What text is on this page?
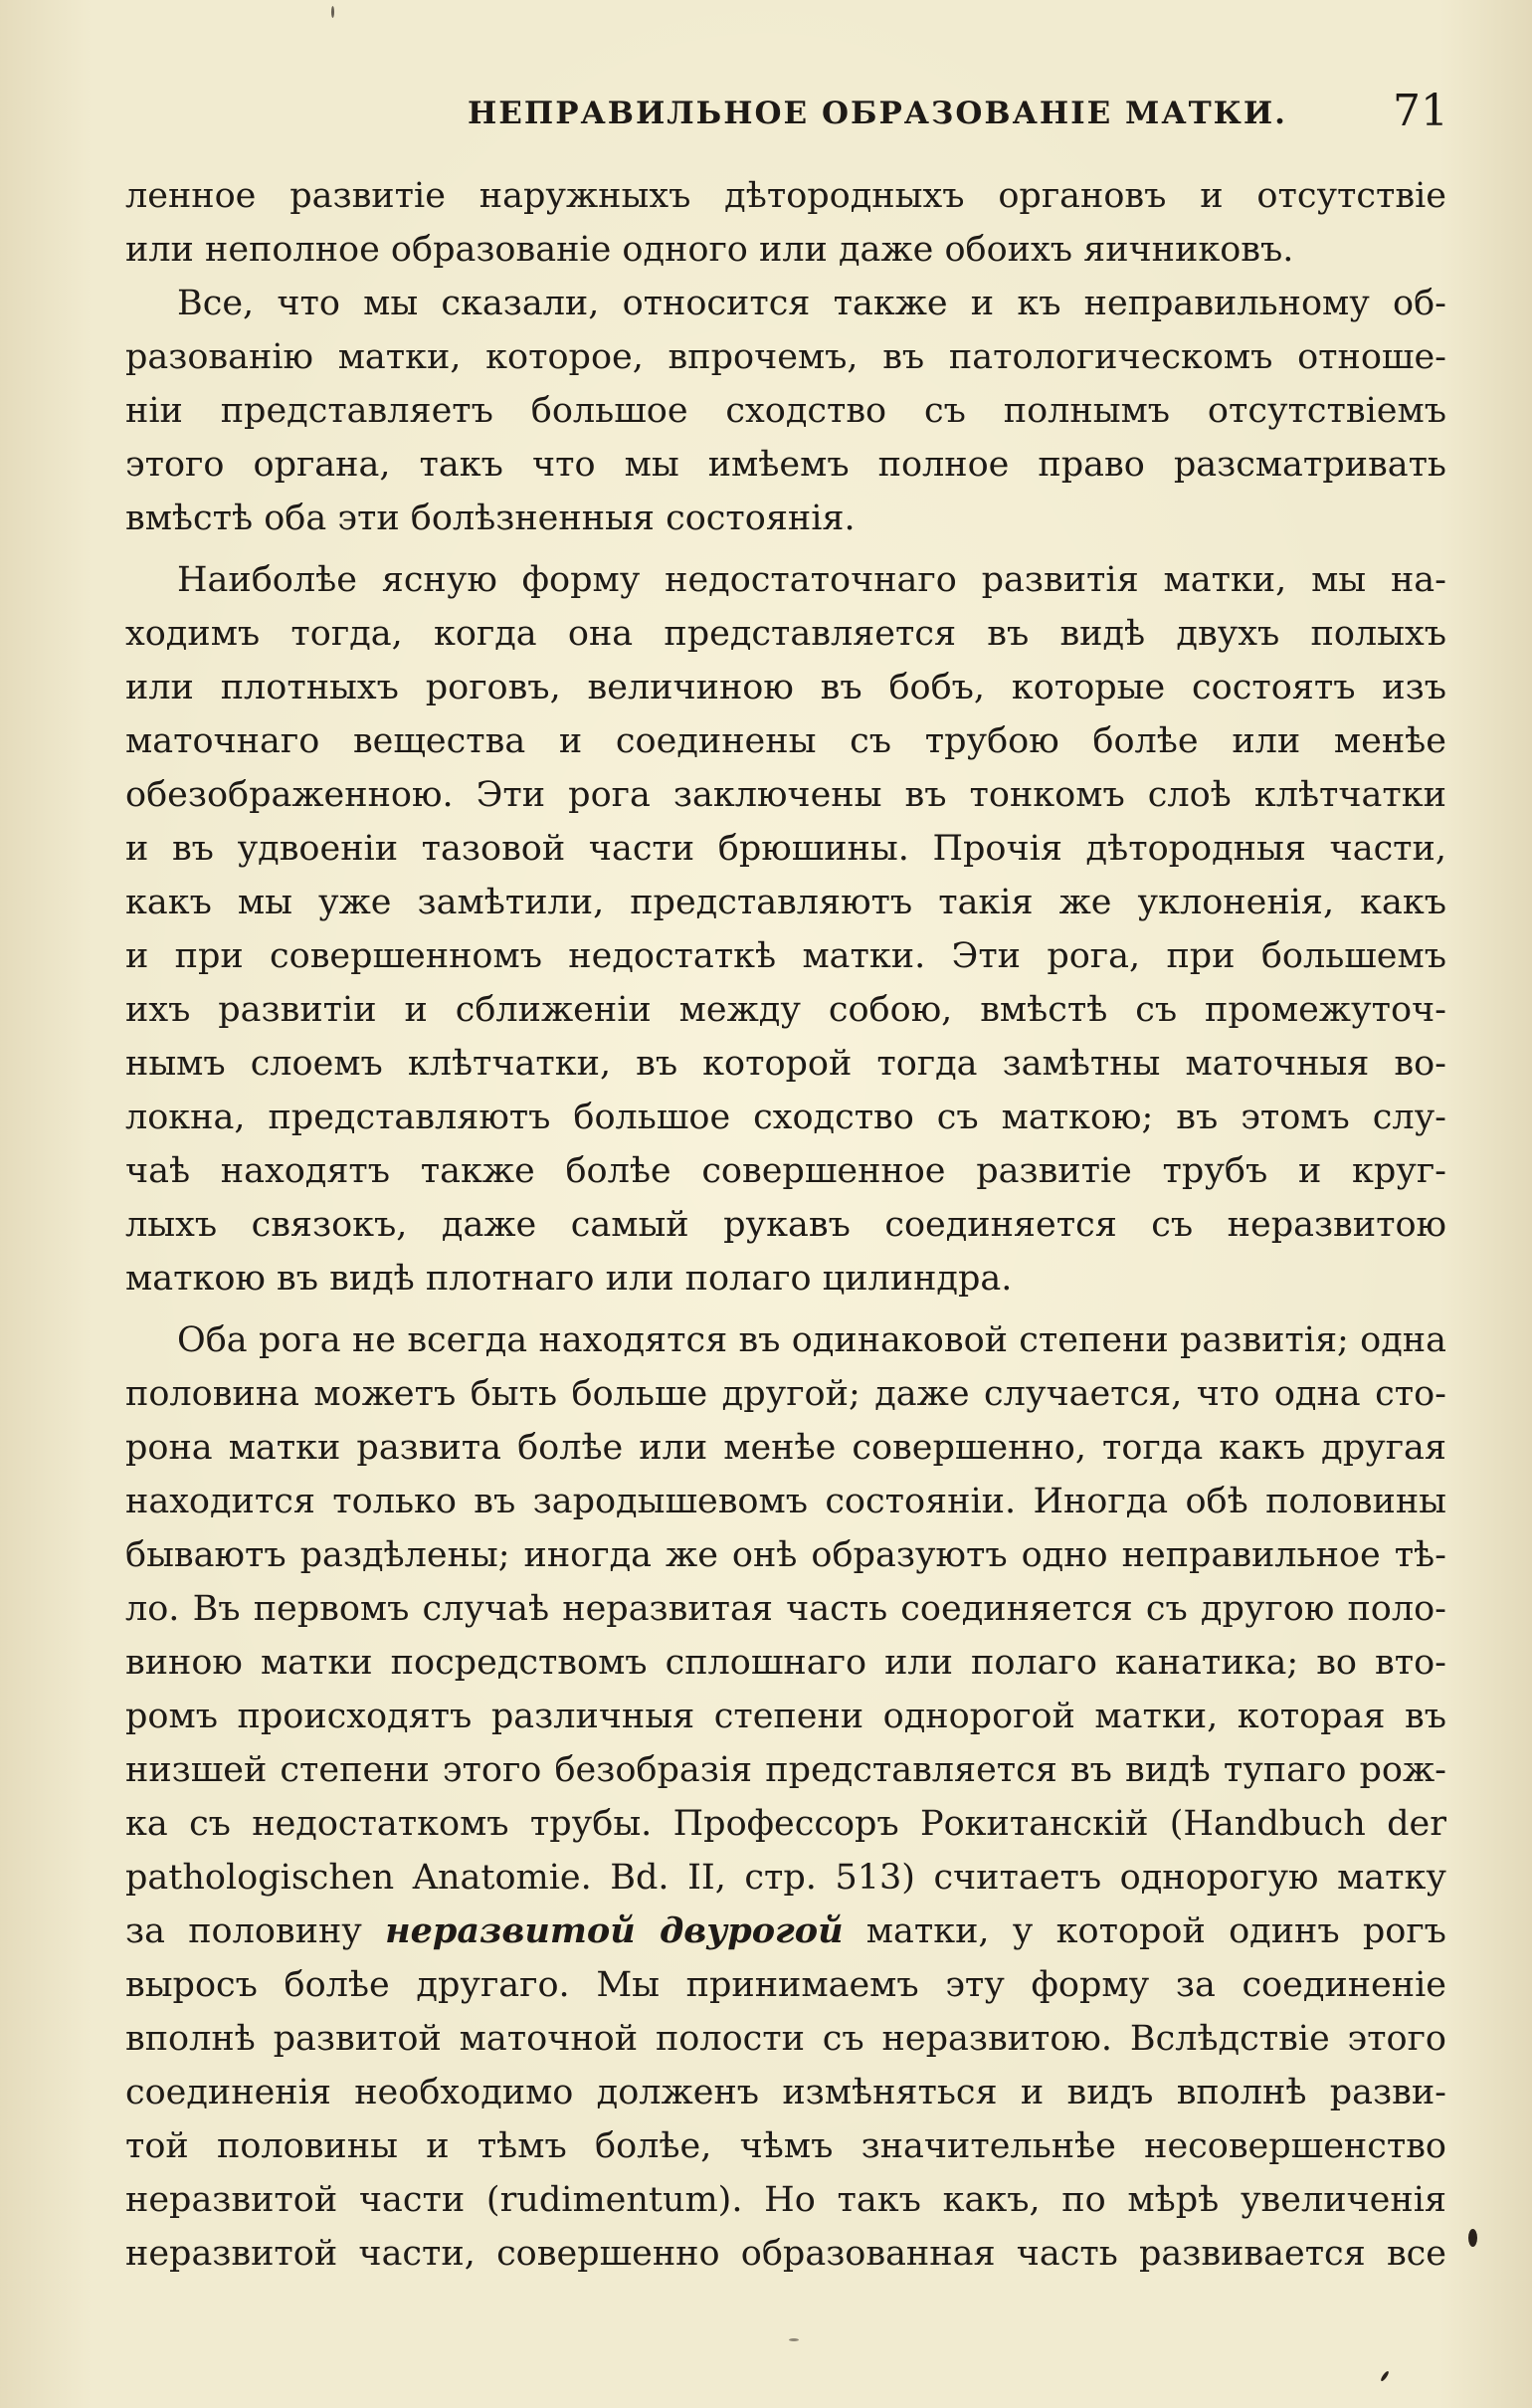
НЕПРАВИЛЬНОЕ ОБРАЗОВАНІЕ МАТКИ. 71
ленное развитіе наружныхъ дѣтородныхъ органовъ и отсутствіе
или неполное образованіе одного или даже обоихъ яичниковъ.
Все, что мы сказали, относится также и къ неправильному об-
разованію матки, которое, впрочемъ, въ патологическомъ отноше-
ніи представляетъ большое сходство съ полнымъ отсутствіемъ
этого органа, такъ что мы имѣемъ полное право разсматривать
вмѣстѣ оба эти болѣзненныя состоянія.
Наиболѣе ясную форму недостаточнаго развитія матки, мы на-
ходимъ тогда, когда она представляется въ видѣ двухъ полыхъ
или плотныхъ роговъ, величиною въ бобъ, которые состоятъ изъ
маточнаго вещества и соединены съ трубою болѣе или менѣе
обезображенною. Эти рога заключены въ тонкомъ слоѣ клѣтчатки
и въ удвоеніи тазовой части брюшины. Прочія дѣтородныя части,
какъ мы уже замѣтили, представляютъ такія же уклоненія, какъ
и при совершенномъ недостаткѣ матки. Эти рога, при большемъ
ихъ развитіи и сближеніи между собою, вмѣстѣ съ промежуточ-
нымъ слоемъ клѣтчатки, въ которой тогда замѣтны маточныя во-
локна, представляютъ большое сходство съ маткою; въ этомъ слу-
чаѣ находятъ также болѣе совершенное развитіе трубъ и круг-
лыхъ связокъ, даже самый рукавъ соединяется съ неразвитою
маткою въ видѣ плотнаго или полаго цилиндра.
Оба рога не всегда находятся въ одинаковой степени развитія; одна
половина можетъ быть больше другой; даже случается, что одна сто-
рона матки развита болѣе или менѣе совершенно, тогда какъ другая
находится только въ зародышевомъ состояніи. Иногда обѣ половины
бываютъ раздѣлены; иногда же онѣ образуютъ одно неправильное тѣ-
ло. Въ первомъ случаѣ неразвитая часть соединяется съ другою поло-
виною матки посредствомъ сплошнаго или полаго канатика; во вто-
ромъ происходятъ различныя степени однорогой матки, которая въ
низшей степени этого безобразія представляется въ видѣ тупаго рож-
ка съ недостаткомъ трубы. Профессоръ Рокитанскій (Handbuch der
pathologischen Anatomie. Bd. II, стр. 513) считаетъ однорогую матку
за половину неразвитой двурогой матки, у которой одинъ рогъ
выросъ болѣе другаго. Мы принимаемъ эту форму за соединеніе
вполнѣ развитой маточной полости съ неразвитою. Вслѣдствіе этого
соединенія необходимо долженъ измѣняться и видъ вполнѣ разви-
той половины и тѣмъ болѣе, чѣмъ значительнѣе несовершенство
неразвитой части (rudimentum). Но такъ какъ, по мѣрѣ увеличенія
неразвитой части, совершенно образованная часть развивается все
